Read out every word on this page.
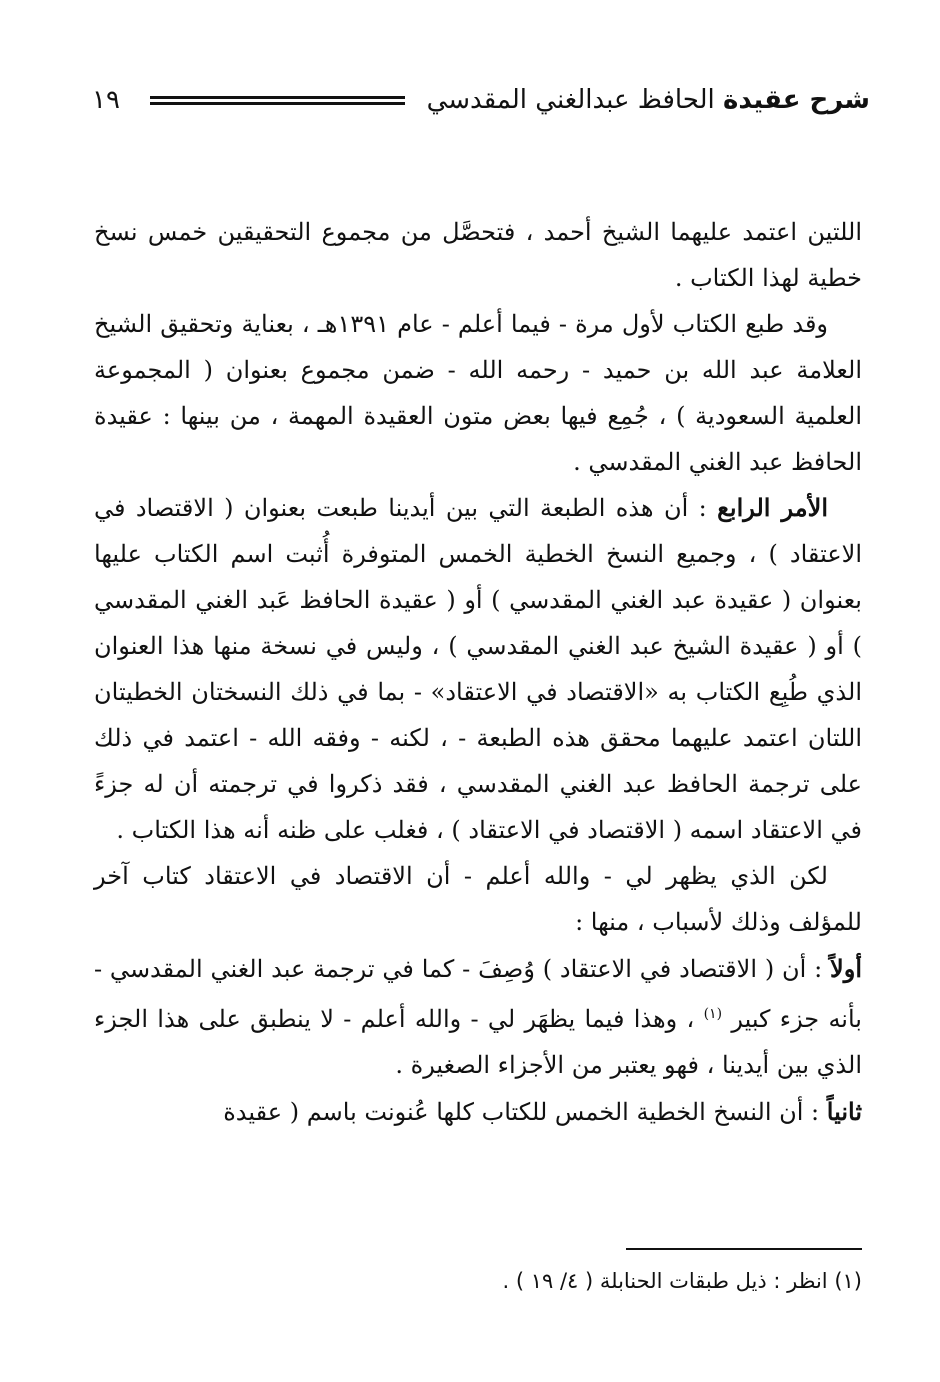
شرح عقيدة الحافظ عبدالغني المقدسي
١٩

اللتين اعتمد عليهما الشيخ أحمد ، فتحصَّل من مجموع التحقيقين خمس نسخ خطية لهذا الكتاب .

وقد طبع الكتاب لأول مرة - فيما أعلم - عام ١٣٩١هـ ، بعناية وتحقيق الشيخ العلامة عبد الله بن حميد - رحمه الله - ضمن مجموع بعنوان ( المجموعة العلمية السعودية ) ، جُمِع فيها بعض متون العقيدة المهمة ، من بينها : عقيدة الحافظ عبد الغني المقدسي .

الأمر الرابع : أن هذه الطبعة التي بين أيدينا طبعت بعنوان ( الاقتصاد في الاعتقاد ) ، وجميع النسخ الخطية الخمس المتوفرة أُثبت اسم الكتاب عليها بعنوان ( عقيدة عبد الغني المقدسي ) أو ( عقيدة الحافظ عَبد الغني المقدسي ) أو ( عقيدة الشيخ عبد الغني المقدسي ) ، وليس في نسخة منها هذا العنوان الذي طُبِع الكتاب به «الاقتصاد في الاعتقاد» - بما في ذلك النسختان الخطيتان اللتان اعتمد عليهما محقق هذه الطبعة - ، لكنه - وفقه الله - اعتمد في ذلك على ترجمة الحافظ عبد الغني المقدسي ، فقد ذكروا في ترجمته أن له جزءً في الاعتقاد اسمه ( الاقتصاد في الاعتقاد ) ، فغلب على ظنه أنه هذا الكتاب .

لكن الذي يظهر لي - والله أعلم - أن الاقتصاد في الاعتقاد كتاب آخر للمؤلف وذلك لأسباب ، منها :

أولاً : أن ( الاقتصاد في الاعتقاد ) وُصِفَ - كما في ترجمة عبد الغني المقدسي - بأنه جزء كبير $^{(١)}$ ، وهذا فيما يظهَر لي - والله أعلم - لا ينطبق على هذا الجزء الذي بين أيدينا ، فهو يعتبر من الأجزاء الصغيرة .

ثانياً : أن النسخ الخطية الخمس للكتاب كلها عُنونت باسم ( عقيدة

(١) انظر : ذيل طبقات الحنابلة ( ٤/ ١٩ ) .
